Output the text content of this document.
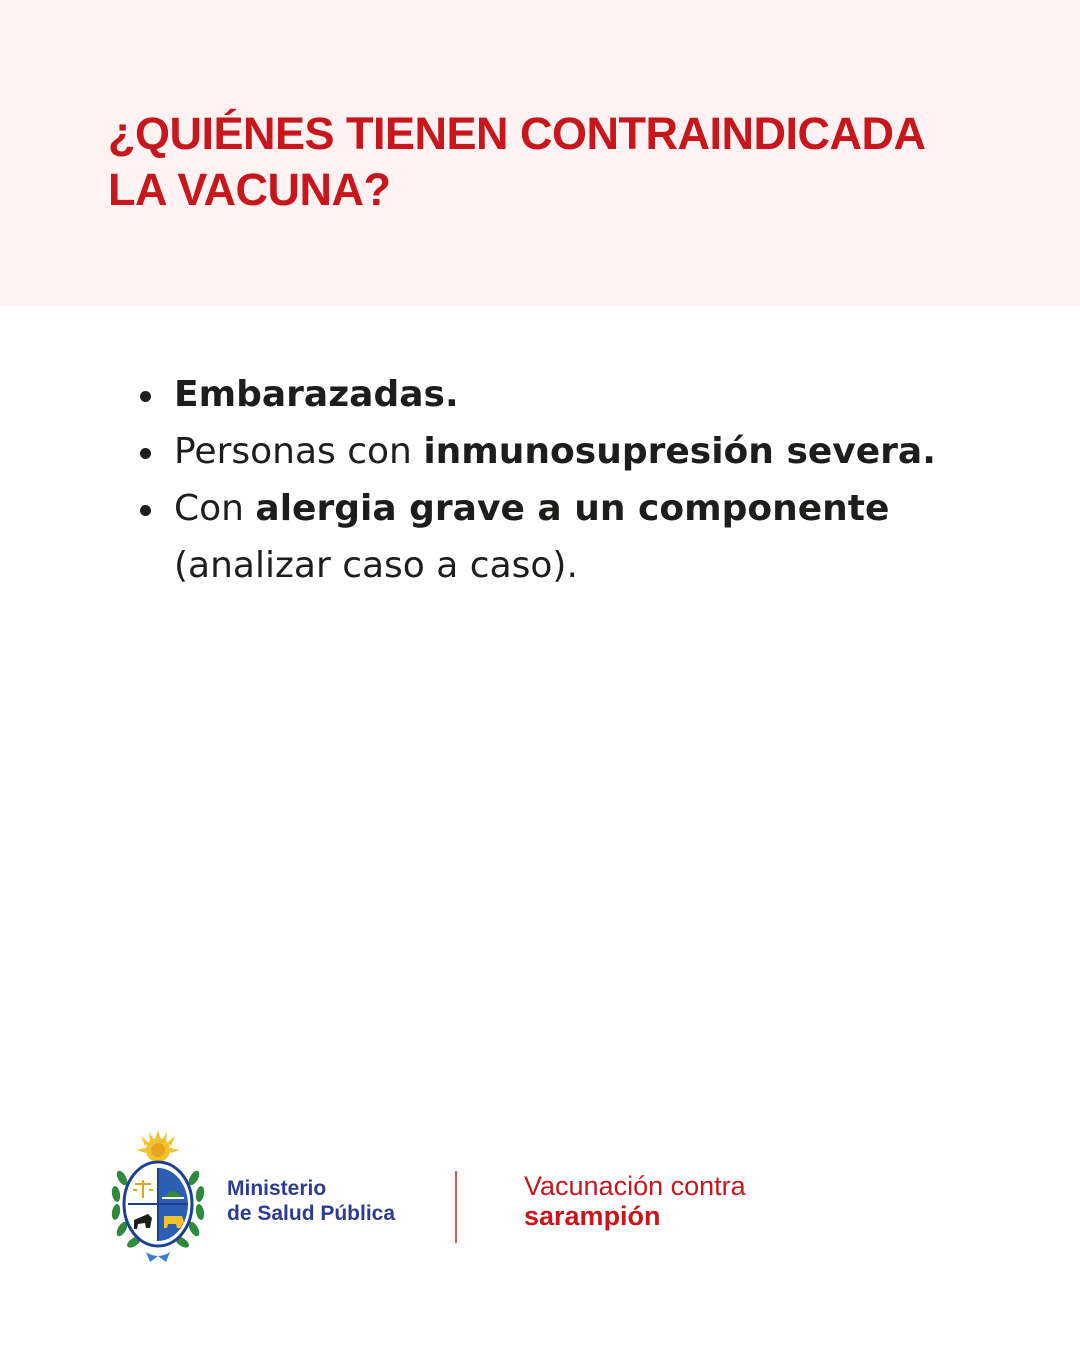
¿QUIÉNES TIENEN CONTRAINDICADA
LA VACUNA?
Embarazadas.
Personas con inmunosupresión severa.
Con alergia grave a un componente
(analizar caso a caso).
Ministerio
de Salud Pública
Vacunación contra
sarampión
